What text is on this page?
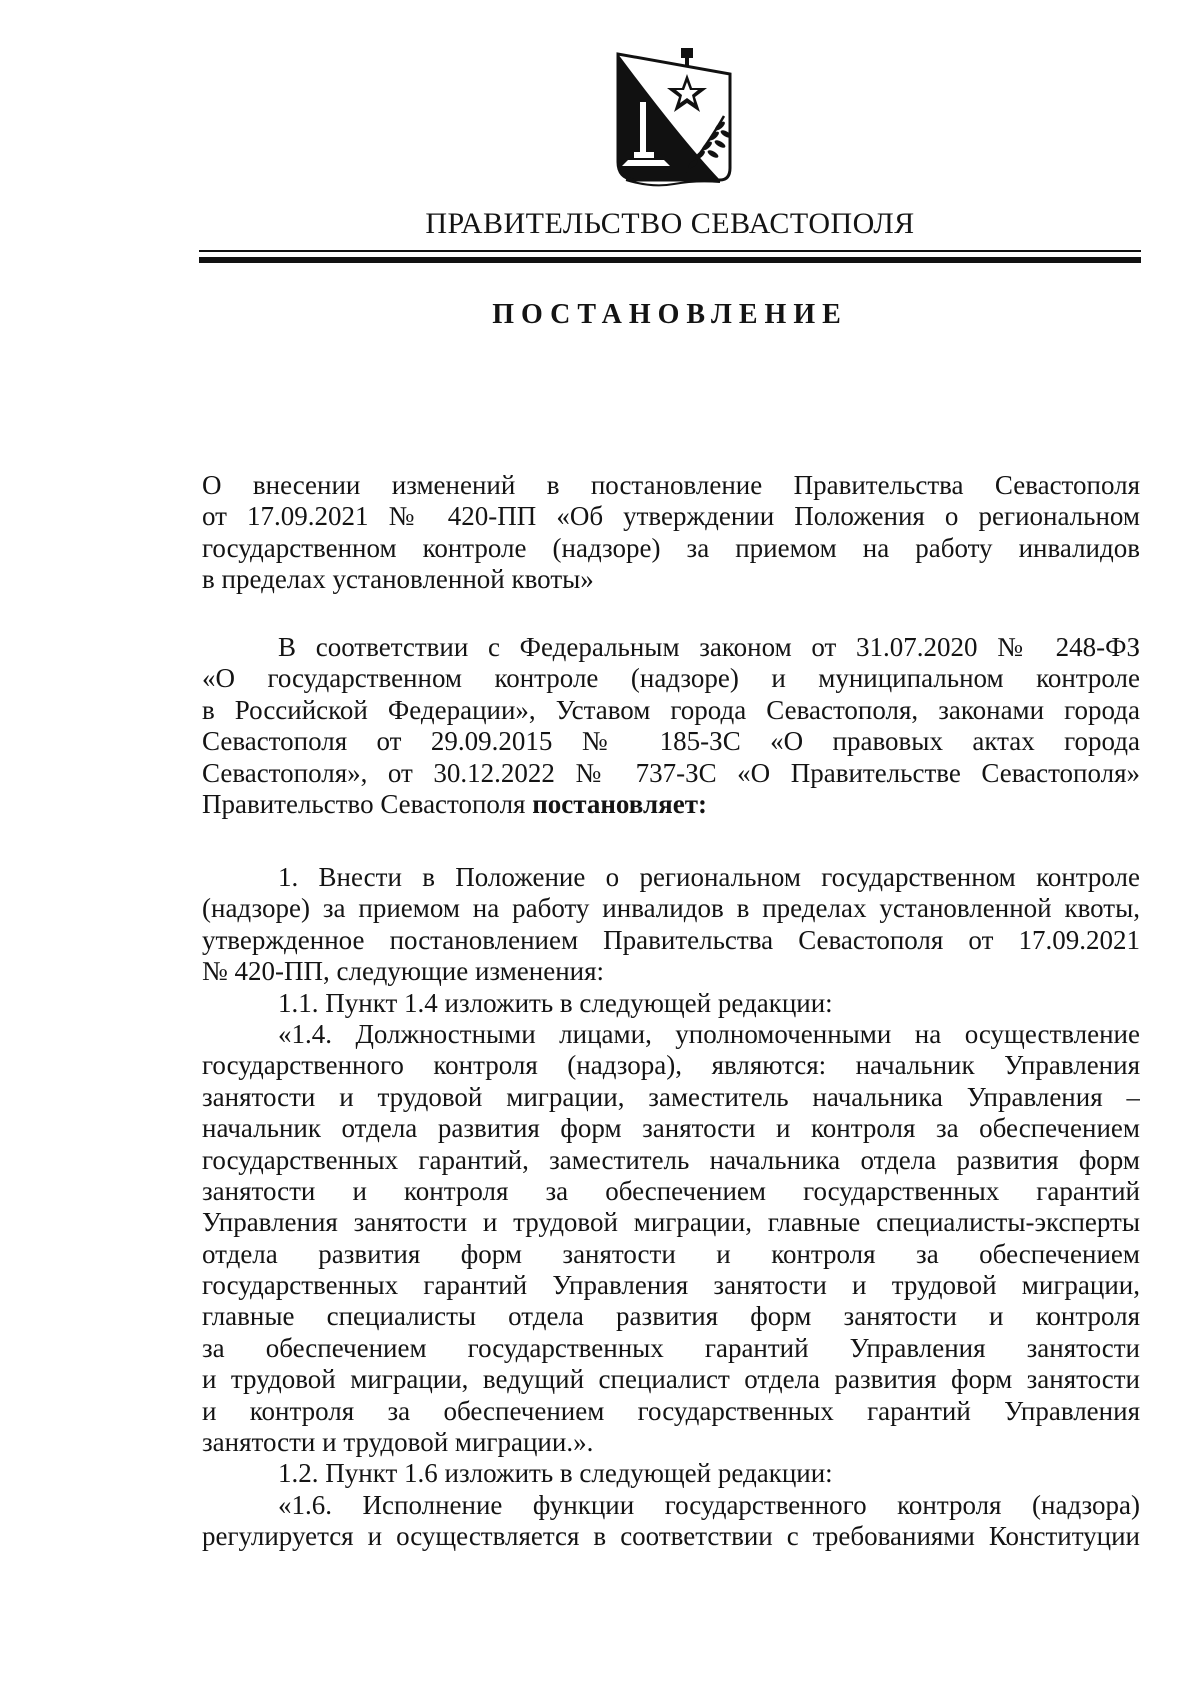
ПРАВИТЕЛЬСТВО СЕВАСТОПОЛЯ
ПОСТАНОВЛЕНИЕ
О внесении изменений в постановление Правительства Севастополя
от 17.09.2021 № 420-ПП «Об утверждении Положения о региональном
государственном контроле (надзоре) за приемом на работу инвалидов
в пределах установленной квоты»
В соответствии с Федеральным законом от 31.07.2020 № 248-ФЗ
«О государственном контроле (надзоре) и муниципальном контроле
в Российской Федерации», Уставом города Севастополя, законами города
Севастополя от 29.09.2015 № 185-ЗС «О правовых актах города
Севастополя», от 30.12.2022 № 737-ЗС «О Правительстве Севастополя»
Правительство Севастополя постановляет:
1. Внести в Положение о региональном государственном контроле
(надзоре) за приемом на работу инвалидов в пределах установленной квоты,
утвержденное постановлением Правительства Севастополя от 17.09.2021
№ 420-ПП, следующие изменения:
1.1. Пункт 1.4 изложить в следующей редакции:
«1.4. Должностными лицами, уполномоченными на осуществление
государственного контроля (надзора), являются: начальник Управления
занятости и трудовой миграции, заместитель начальника Управления –
начальник отдела развития форм занятости и контроля за обеспечением
государственных гарантий, заместитель начальника отдела развития форм
занятости и контроля за обеспечением государственных гарантий
Управления занятости и трудовой миграции, главные специалисты-эксперты
отдела развития форм занятости и контроля за обеспечением
государственных гарантий Управления занятости и трудовой миграции,
главные специалисты отдела развития форм занятости и контроля
за обеспечением государственных гарантий Управления занятости
и трудовой миграции, ведущий специалист отдела развития форм занятости
и контроля за обеспечением государственных гарантий Управления
занятости и трудовой миграции.».
1.2. Пункт 1.6 изложить в следующей редакции:
«1.6. Исполнение функции государственного контроля (надзора)
регулируется и осуществляется в соответствии с требованиями Конституции
